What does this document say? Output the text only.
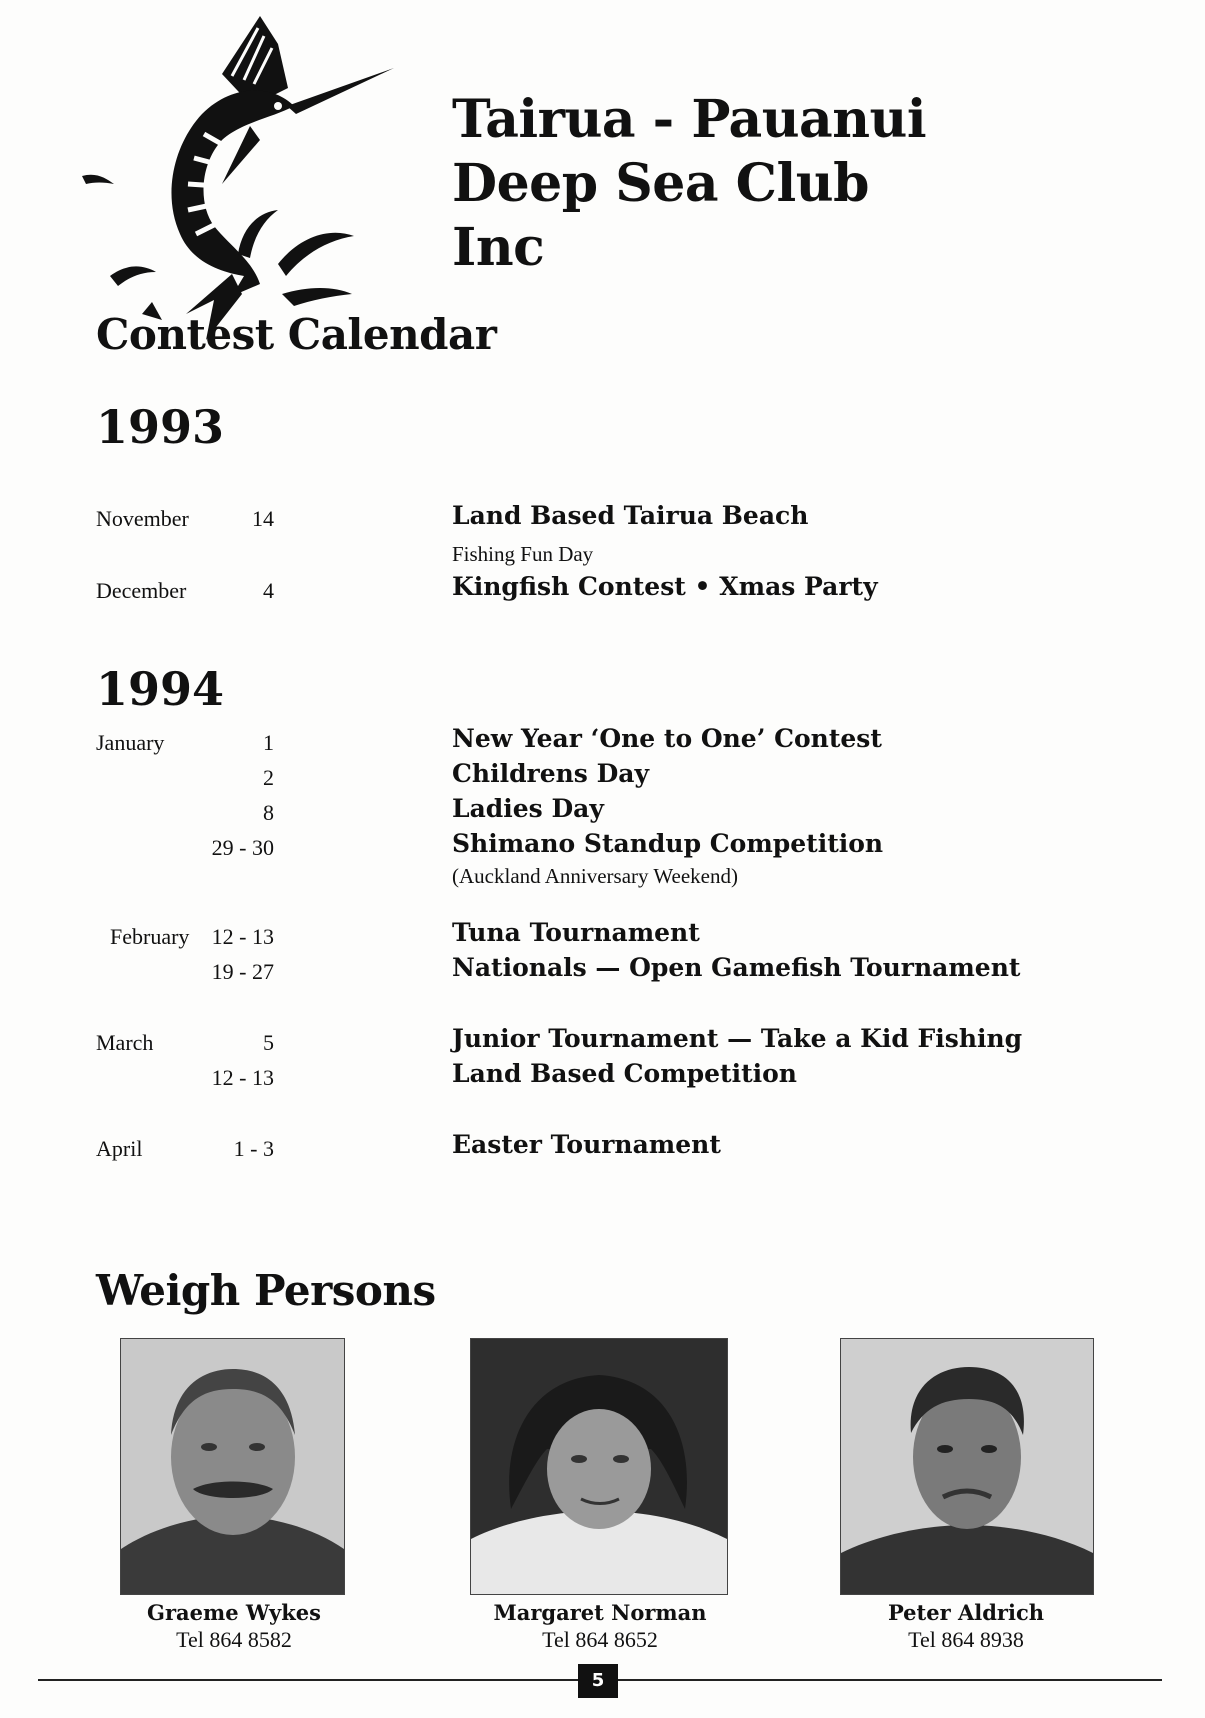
Tairua - Pauanui
Deep Sea Club
Inc
Contest Calendar
1993
November	14	Land Based Tairua Beach
Fishing Fun Day
December	4	Kingfish Contest • Xmas Party
1994
January	1	New Year ‘One to One’ Contest
2	Childrens Day
8	Ladies Day
29 - 30	Shimano Standup Competition
(Auckland Anniversary Weekend)
February	12 - 13	Tuna Tournament
19 - 27	Nationals — Open Gamefish Tournament
March	5	Junior Tournament — Take a Kid Fishing
12 - 13	Land Based Competition
April	1 - 3	Easter Tournament
Weigh Persons
Graeme Wykes
Tel 864 8582
Margaret Norman
Tel 864 8652
Peter Aldrich
Tel 864 8938
5
